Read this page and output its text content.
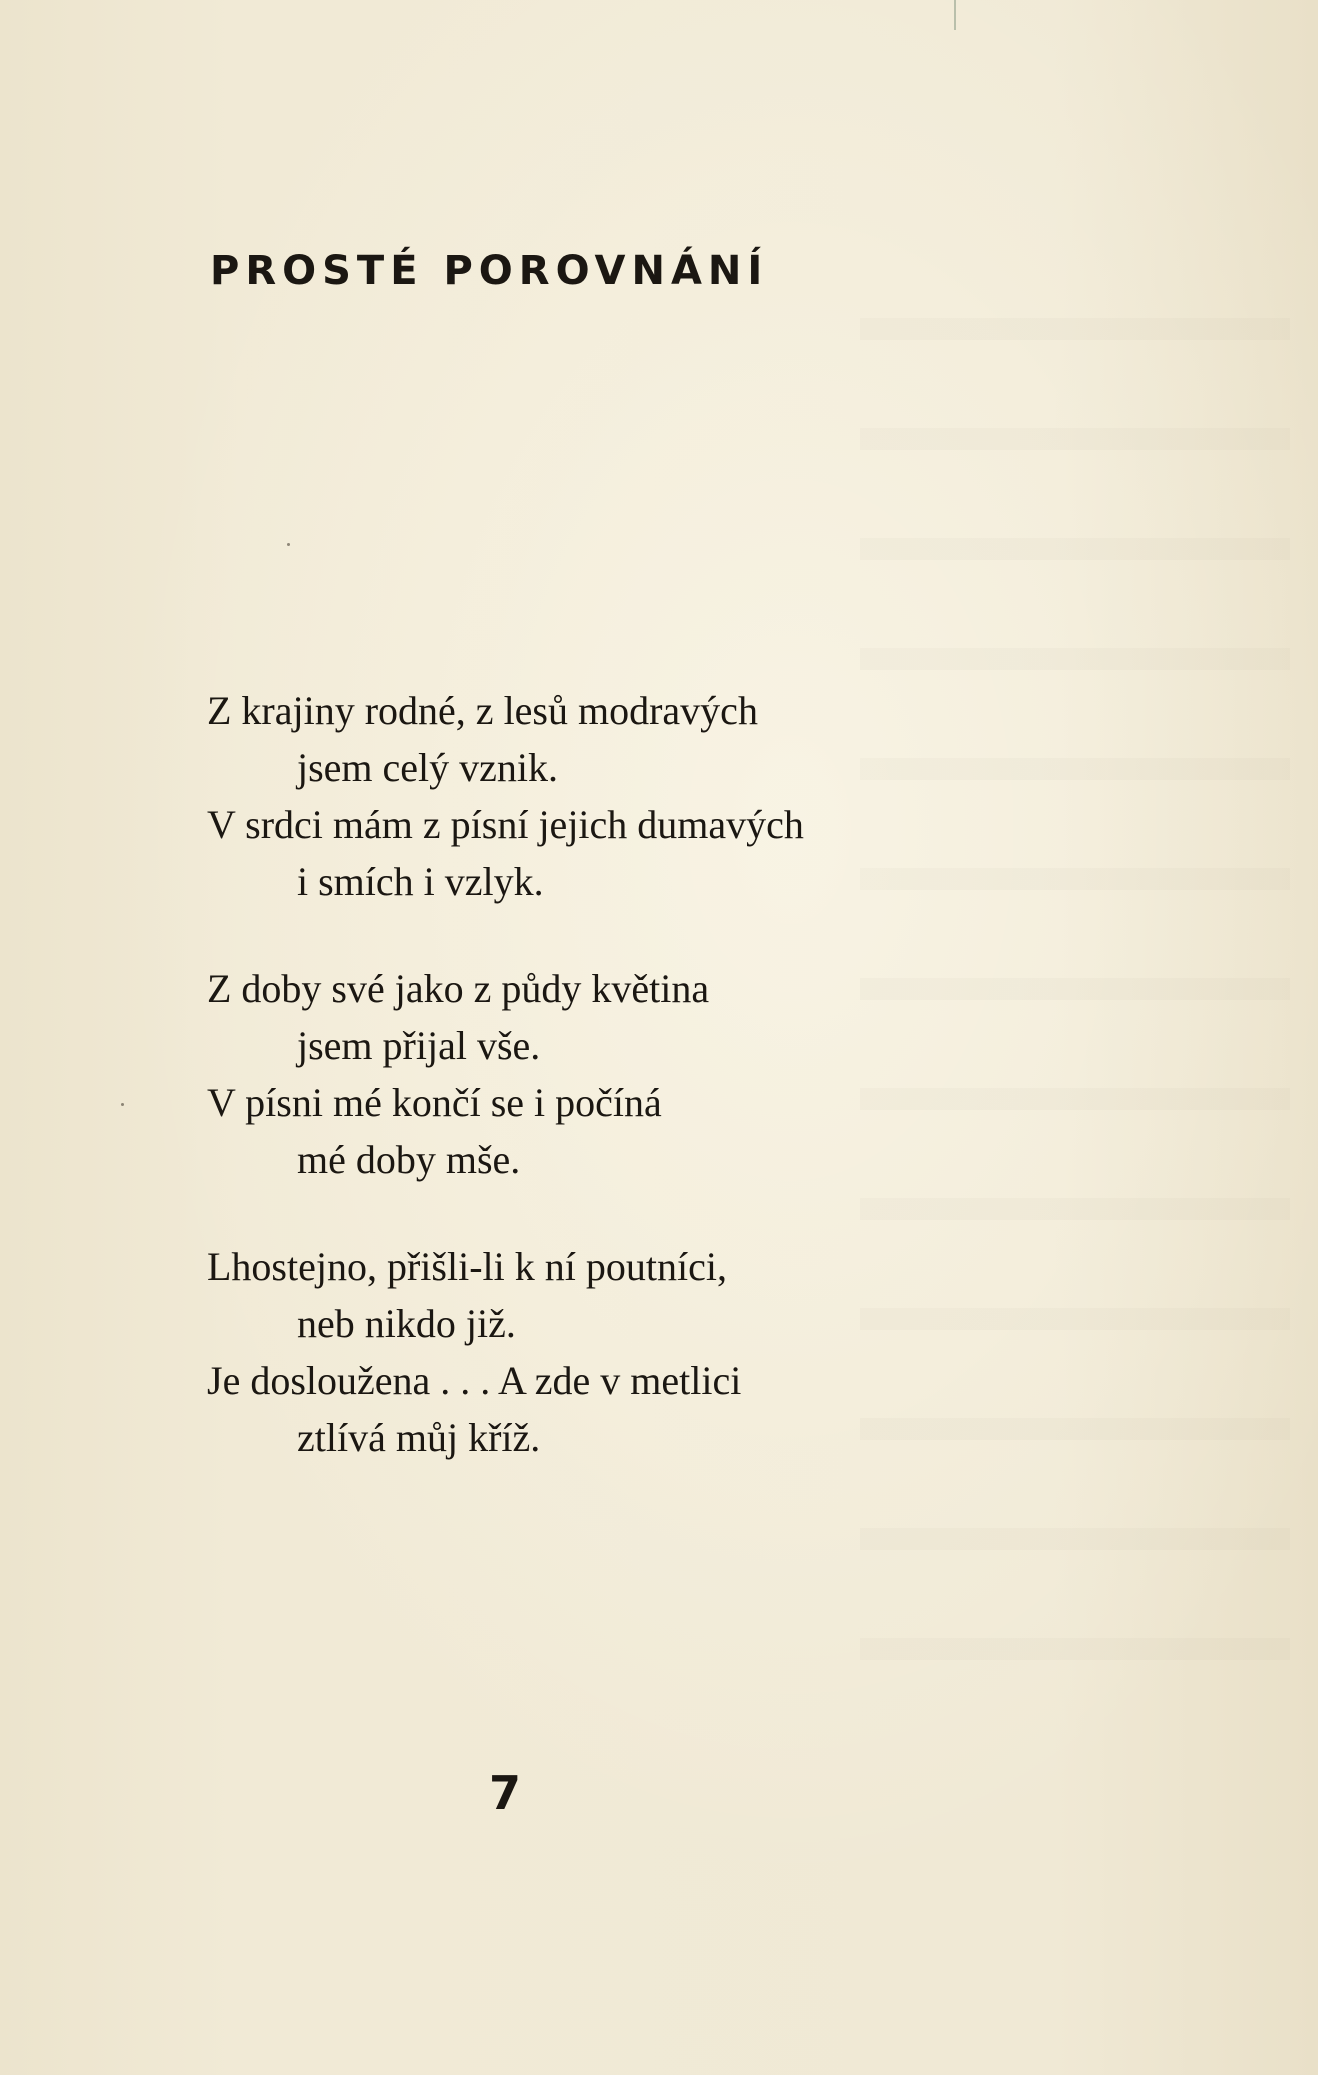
PROSTÉ POROVNÁNÍ

Z krajiny rodné, z lesů modravých
jsem celý vznik.
V srdci mám z písní jejich dumavých
i smích i vzlyk.

Z doby své jako z půdy květina
jsem přijal vše.
V písni mé končí se i počíná
mé doby mše.

Lhostejno, přišli-li k ní poutníci,
neb nikdo již.
Je dosloužena . . . A zde v metlici
ztlívá můj kříž.

7
